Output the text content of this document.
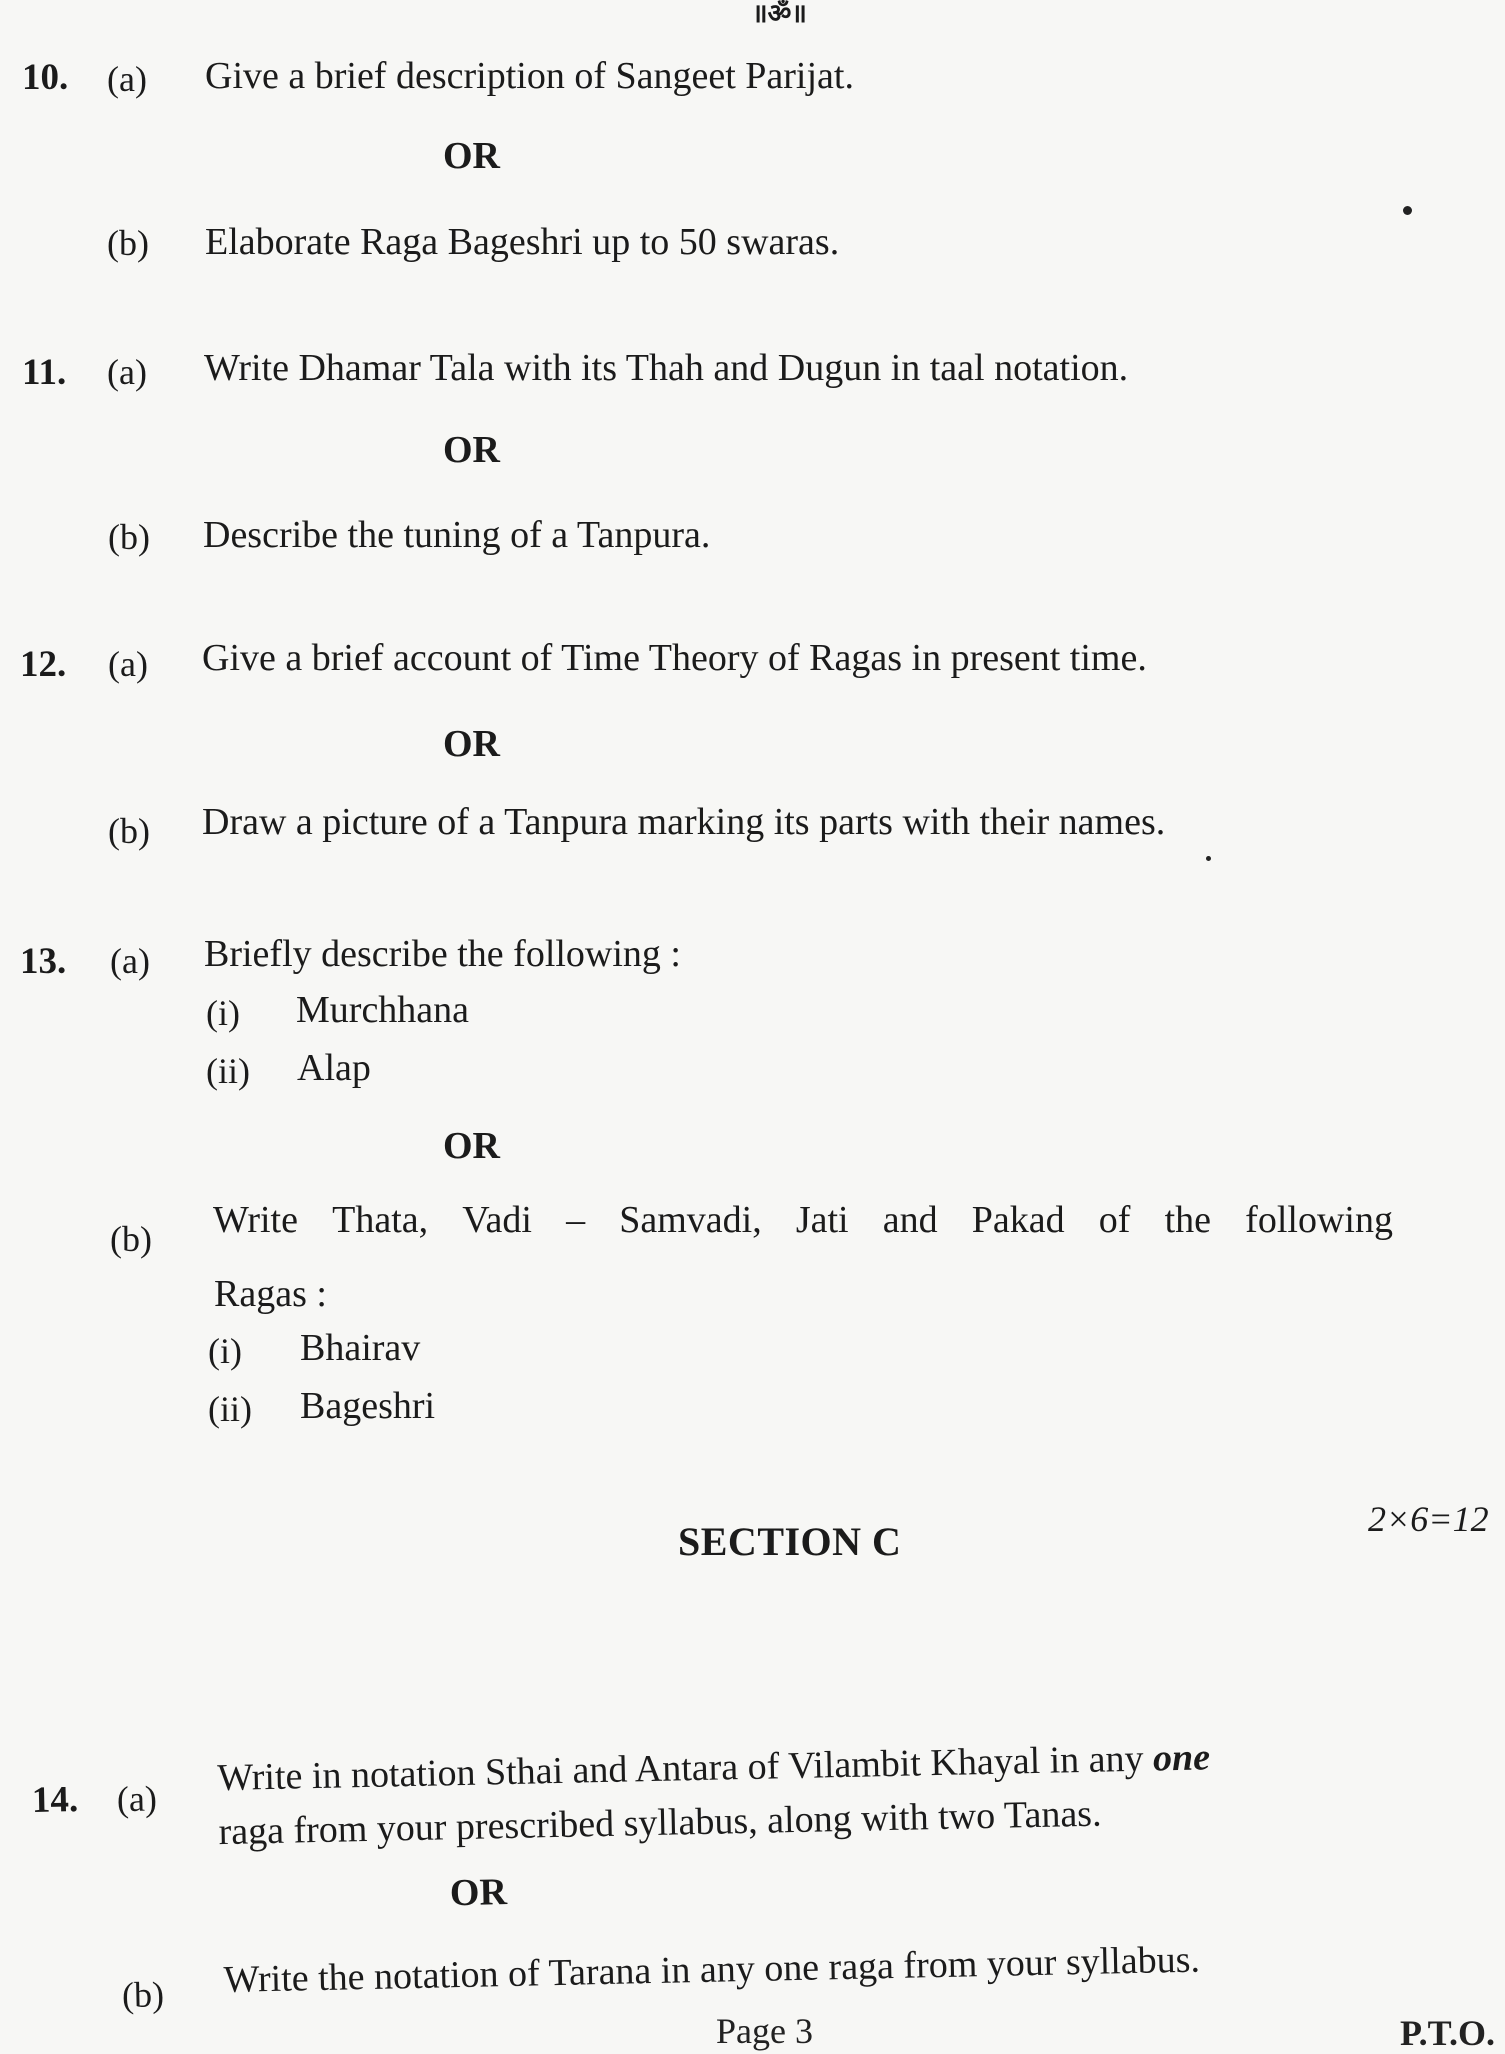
॥ॐ॥
10. (a) Give a brief description of Sangeet Parijat.
OR
(b) Elaborate Raga Bageshri up to 50 swaras.
11. (a) Write Dhamar Tala with its Thah and Dugun in taal notation.
OR
(b) Describe the tuning of a Tanpura.
12. (a) Give a brief account of Time Theory of Ragas in present time.
OR
(b) Draw a picture of a Tanpura marking its parts with their names.
13. (a) Briefly describe the following :
(i) Murchhana
(ii) Alap
OR
(b) Write Thata, Vadi – Samvadi, Jati and Pakad of the following
Ragas :
(i) Bhairav
(ii) Bageshri
SECTION C	2×6=12
14. (a) Write in notation Sthai and Antara of Vilambit Khayal in any one
raga from your prescribed syllabus, along with two Tanas.
OR
(b) Write the notation of Tarana in any one raga from your syllabus.
Page 3	P.T.O.
